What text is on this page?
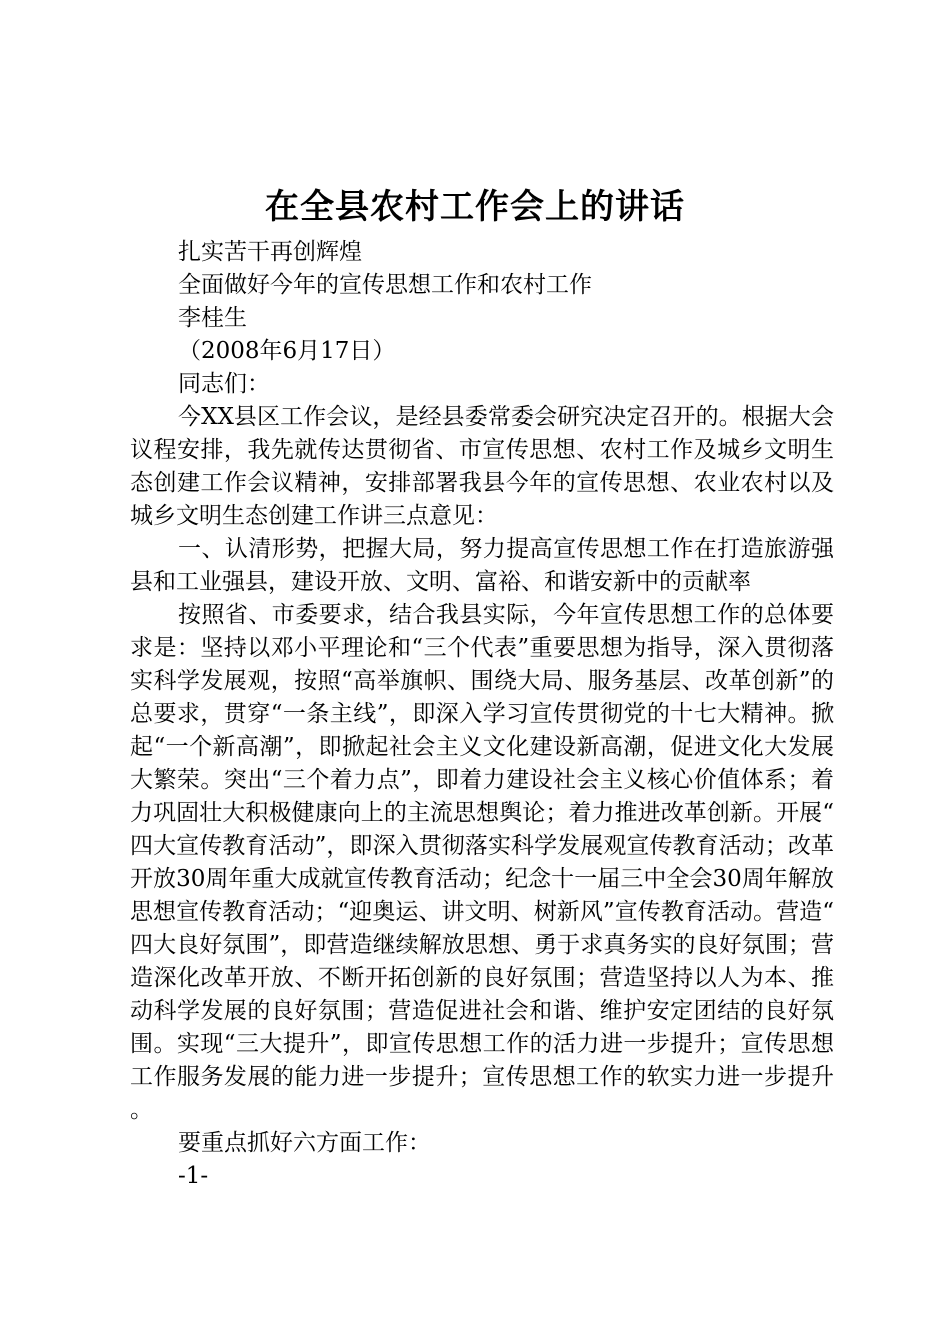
在全县农村工作会上的讲话

扎实苦干再创辉煌

全面做好今年的宣传思想工作和农村工作

李桂生

（2008年6月17日）

同志们：

今XX县区工作会议，是经县委常委会研究决定召开的。根据大会议程安排，我先就传达贯彻省、市宣传思想、农村工作及城乡文明生态创建工作会议精神，安排部署我县今年的宣传思想、农业农村以及城乡文明生态创建工作讲三点意见：

一、认清形势，把握大局，努力提高宣传思想工作在打造旅游强县和工业强县，建设开放、文明、富裕、和谐安新中的贡献率

按照省、市委要求，结合我县实际，今年宣传思想工作的总体要求是：坚持以邓小平理论和“三个代表”重要思想为指导，深入贯彻落实科学发展观，按照“高举旗帜、围绕大局、服务基层、改革创新”的总要求，贯穿“一条主线”，即深入学习宣传贯彻党的十七大精神。掀起“一个新高潮”，即掀起社会主义文化建设新高潮，促进文化大发展大繁荣。突出“三个着力点”，即着力建设社会主义核心价值体系；着力巩固壮大积极健康向上的主流思想舆论；着力推进改革创新。开展“四大宣传教育活动”，即深入贯彻落实科学发展观宣传教育活动；改革开放30周年重大成就宣传教育活动；纪念十一届三中全会30周年解放思想宣传教育活动；“迎奥运、讲文明、树新风”宣传教育活动。营造“四大良好氛围”，即营造继续解放思想、勇于求真务实的良好氛围；营造深化改革开放、不断开拓创新的良好氛围；营造坚持以人为本、推动科学发展的良好氛围；营造促进社会和谐、维护安定团结的良好氛围。实现“三大提升”，即宣传思想工作的活力进一步提升；宣传思想工作服务发展的能力进一步提升；宣传思想工作的软实力进一步提升。

要重点抓好六方面工作：

-1-
